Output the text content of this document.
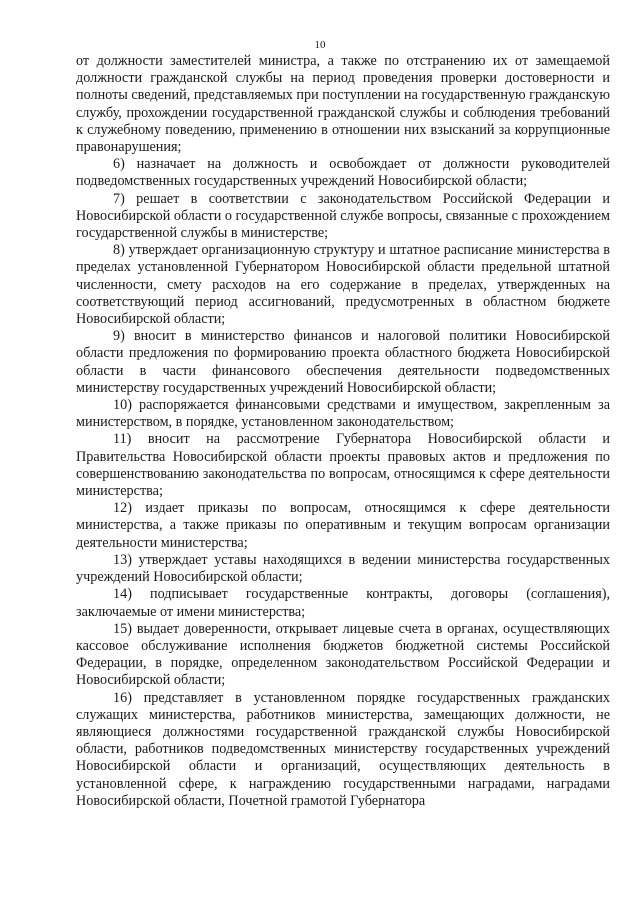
10

от должности заместителей министра, а также по отстранению их от замещаемой должности гражданской службы на период проведения проверки достоверности и полноты сведений, представляемых при поступлении на государственную гражданскую службу, прохождении государственной гражданской службы и соблюдения требований к служебному поведению, применению в отношении них взысканий за коррупционные правонарушения;

6) назначает на должность и освобождает от должности руководителей подведомственных государственных учреждений Новосибирской области;

7) решает в соответствии с законодательством Российской Федерации и Новосибирской области о государственной службе вопросы, связанные с прохождением государственной службы в министерстве;

8) утверждает организационную структуру и штатное расписание министерства в пределах установленной Губернатором Новосибирской области предельной штатной численности, смету расходов на его содержание в пределах, утвержденных на соответствующий период ассигнований, предусмотренных в областном бюджете Новосибирской области;

9) вносит в министерство финансов и налоговой политики Новосибирской области предложения по формированию проекта областного бюджета Новосибирской области в части финансового обеспечения деятельности подведомственных министерству государственных учреждений Новосибирской области;

10) распоряжается финансовыми средствами и имуществом, закрепленным за министерством, в порядке, установленном законодательством;

11) вносит на рассмотрение Губернатора Новосибирской области и Правительства Новосибирской области проекты правовых актов и предложения по совершенствованию законодательства по вопросам, относящимся к сфере деятельности министерства;

12) издает приказы по вопросам, относящимся к сфере деятельности министерства, а также приказы по оперативным и текущим вопросам организации деятельности министерства;

13) утверждает уставы находящихся в ведении министерства государственных учреждений Новосибирской области;

14) подписывает государственные контракты, договоры (соглашения), заключаемые от имени министерства;

15) выдает доверенности, открывает лицевые счета в органах, осуществляющих кассовое обслуживание исполнения бюджетов бюджетной системы Российской Федерации, в порядке, определенном законодательством Российской Федерации и Новосибирской области;

16) представляет в установленном порядке государственных гражданских служащих министерства, работников министерства, замещающих должности, не являющиеся должностями государственной гражданской службы Новосибирской области, работников подведомственных министерству государственных учреждений Новосибирской области и организаций, осуществляющих деятельность в установленной сфере, к награждению государственными наградами, наградами Новосибирской области, Почетной грамотой Губернатора
